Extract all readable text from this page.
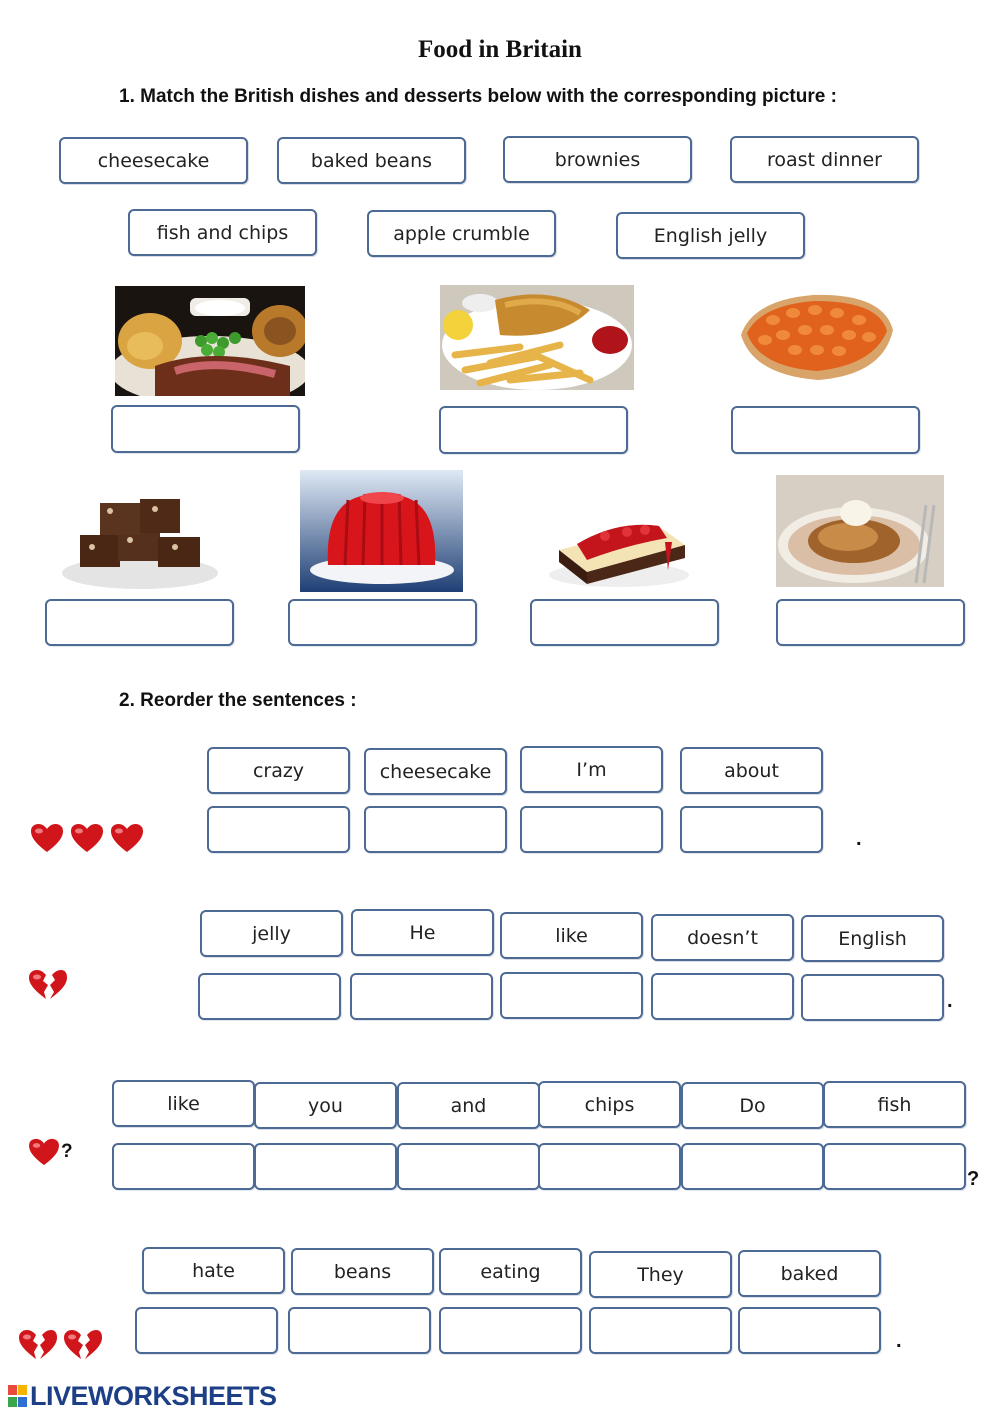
Food in Britain
1. Match the British dishes and desserts below with the corresponding picture :
cheesecake	baked beans	brownies	roast dinner
fish and chips	apple crumble	English jelly
2. Reorder the sentences :
crazy	cheesecake	I’m	about
.
jelly	He	like	doesn’t	English
.
like	you	and	chips	Do	fish
?
?
hate	beans	eating	They	baked
.
LIVEWORKSHEETS
